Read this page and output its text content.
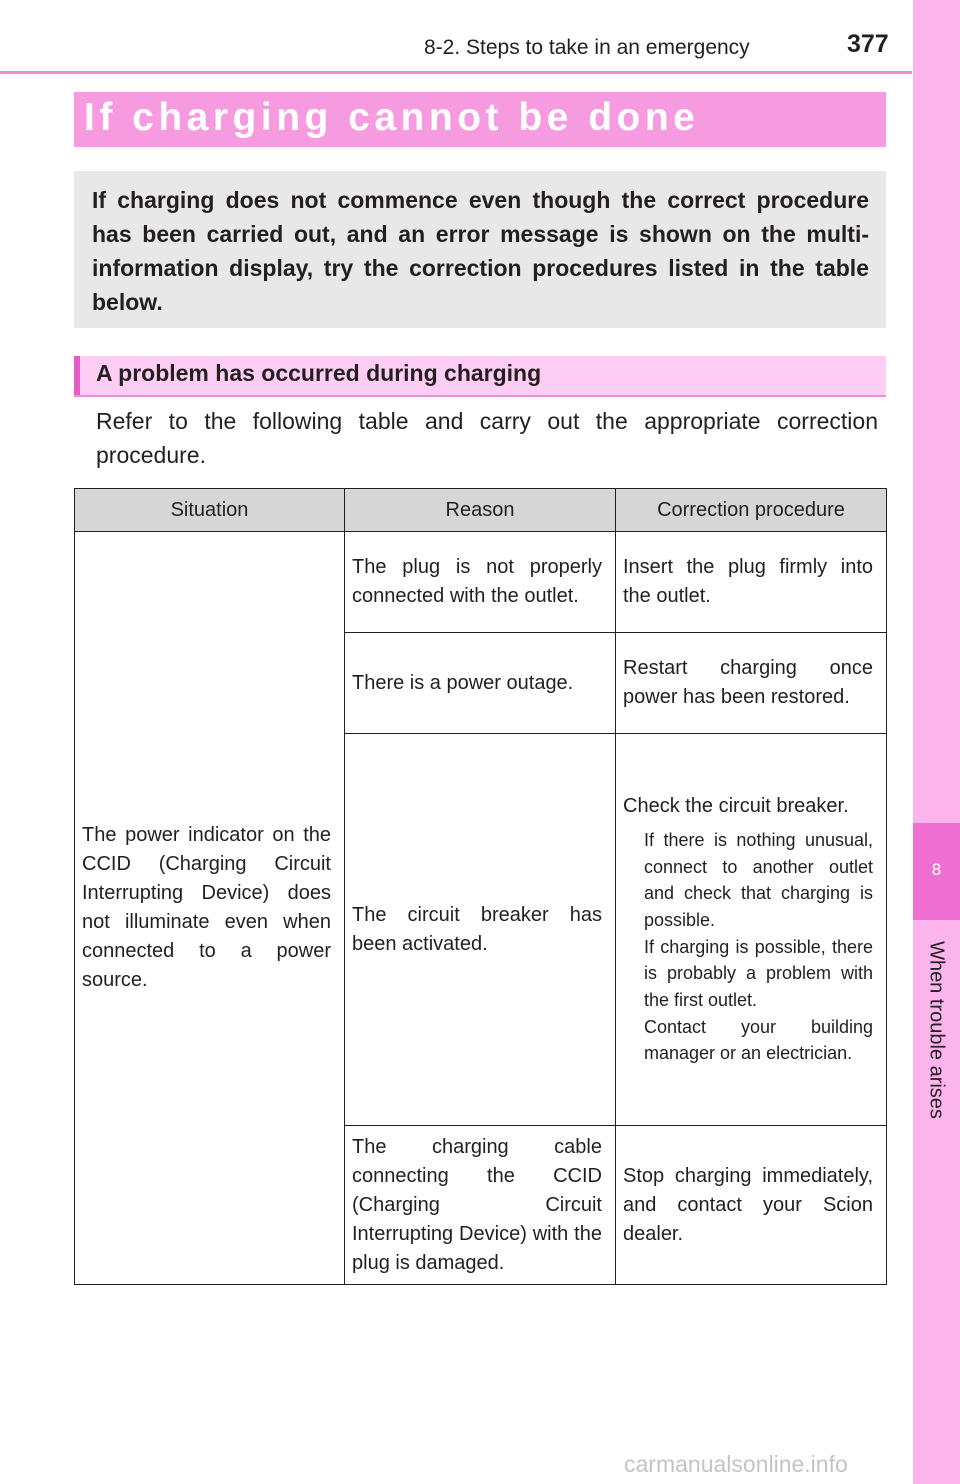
8-2. Steps to take in an emergency	377
8
When trouble arises
If charging cannot be done

If charging does not commence even though the correct procedure has been carried out, and an error message is shown on the multi-information display, try the correction procedures listed in the table below.

A problem has occurred during charging

Refer to the following table and carry out the appropriate correction procedure.

Situation	Reason	Correction procedure
The power indicator on the CCID (Charging Circuit Interrupting Device) does not illuminate even when connected to a power source.	The plug is not properly connected with the outlet.	Insert the plug firmly into the outlet.
	There is a power outage.	Restart charging once power has been restored.
	The circuit breaker has been activated.	Check the circuit breaker.

If there is nothing unusual, connect to another outlet and check that charging is possible.

If charging is possible, there is probably a problem with the first outlet.

Contact your building manager or an electrician.

	The charging cable connecting the CCID (Charging Circuit Interrupting Device) with the plug is damaged.	Stop charging immediately, and contact your Scion dealer.
carmanualsonline.info
